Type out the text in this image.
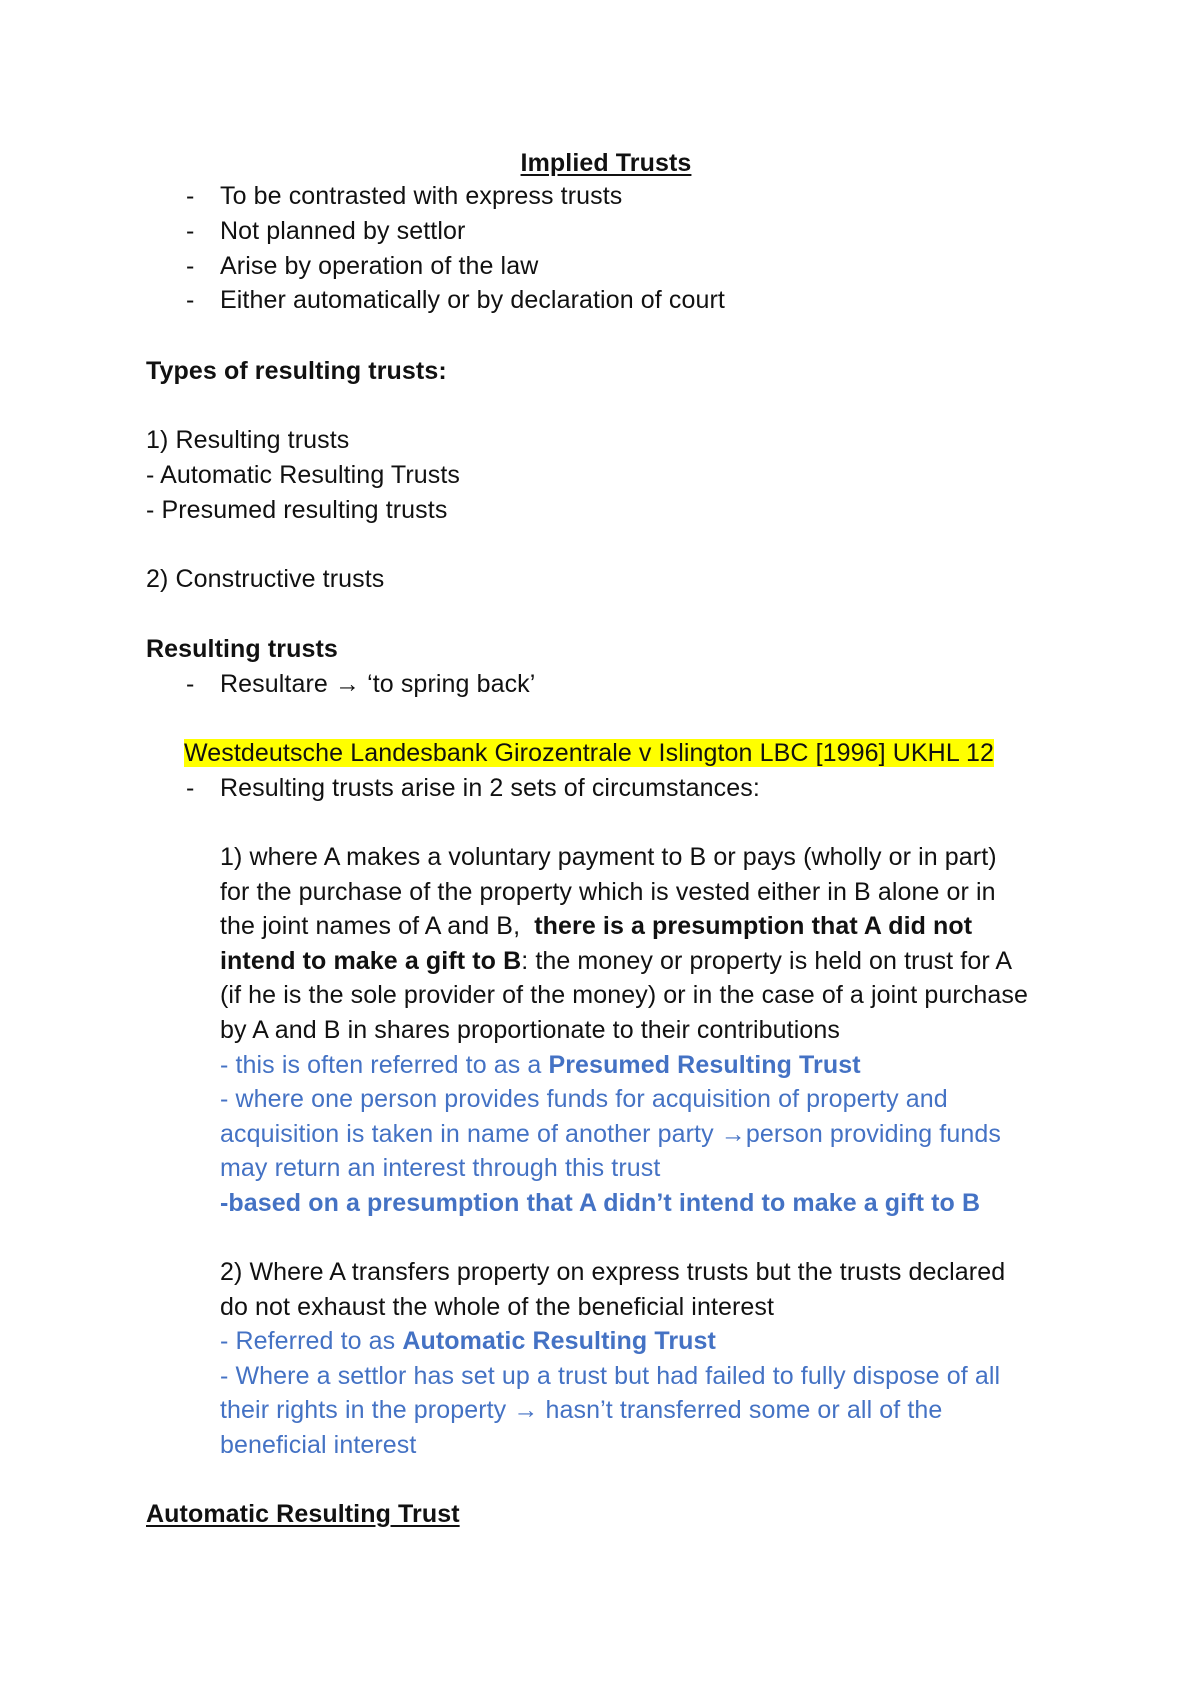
Implied Trusts
- To be contrasted with express trusts
- Not planned by settlor
- Arise by operation of the law
- Either automatically or by declaration of court
Types of resulting trusts:
1) Resulting trusts
- Automatic Resulting Trusts
- Presumed resulting trusts
2) Constructive trusts
Resulting trusts
- Resultare → ‘to spring back’
Westdeutsche Landesbank Girozentrale v Islington LBC [1996] UKHL 12
- Resulting trusts arise in 2 sets of circumstances:
1) where A makes a voluntary payment to B or pays (wholly or in part)
for the purchase of the property which is vested either in B alone or in
the joint names of A and B,  there is a presumption that A did not
intend to make a gift to B: the money or property is held on trust for A
(if he is the sole provider of the money) or in the case of a joint purchase
by A and B in shares proportionate to their contributions
- this is often referred to as a Presumed Resulting Trust
- where one person provides funds for acquisition of property and
acquisition is taken in name of another party →person providing funds
may return an interest through this trust
-based on a presumption that A didn’t intend to make a gift to B
2) Where A transfers property on express trusts but the trusts declared
do not exhaust the whole of the beneficial interest
- Referred to as Automatic Resulting Trust
- Where a settlor has set up a trust but had failed to fully dispose of all
their rights in the property → hasn’t transferred some or all of the
beneficial interest
Automatic Resulting Trust
